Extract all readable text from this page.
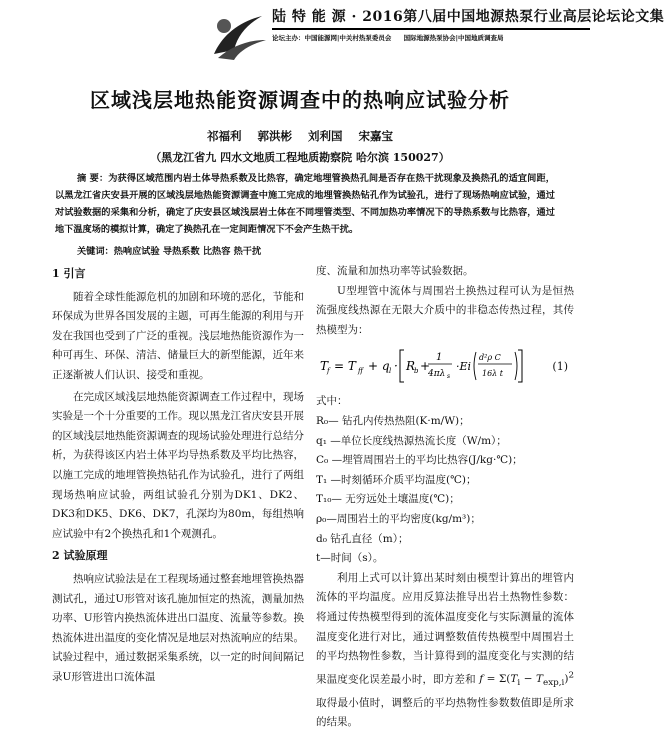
陆 特 能 源 · 2016第八届中国地源热泵行业高层论坛论文集
论坛主办：中国能源网|中关村热泵委员会 国际地源热泵协会|中国地质调查局
区域浅层地热能资源调查中的热响应试验分析
祁福利 郭洪彬 刘利国 宋嘉宝
（黑龙江省九 四水文地质工程地质勘察院 哈尔滨 150027）
摘 要：为获得区域范围内岩土体导热系数及比热容，确定地埋管换热孔间是否存在热干扰现象及换热孔的适宜间距，以黑龙江省庆安县开展的区域浅层地热能资源调查中施工完成的地埋管换热钻孔作为试验孔，进行了现场热响应试验，通过对试验数据的采集和分析，确定了庆安县区域浅层岩土体在不同埋管类型、不同加热功率情况下的导热系数与比热容，通过地下温度场的模拟计算，确定了换热孔在一定间距情况下不会产生热干扰。
关键词：热响应试验 导热系数 比热容 热干扰
1 引言
随着全球性能源危机的加剧和环境的恶化，节能和环保成为世界各国发展的主题，可再生能源的利用与开发在我国也受到了广泛的重视。浅层地热能资源作为一种可再生、环保、清洁、储量巨大的新型能源，近年来正逐渐被人们认识、接受和重视。
在完成区域浅层地热能资源调查工作过程中，现场实验是一个十分重要的工作。现以黑龙江省庆安县开展的区域浅层地热能资源调查的现场试验处理进行总结分析，为获得该区内岩土体平均导热系数及平均比热容，以施工完成的地埋管换热钻孔作为试验孔，进行了两组现场热响应试验，两组试验孔分别为DK1、DK2、DK3和DK5、DK6、DK7，孔深均为80m，每组热响应试验中有2个换热孔和1个观测孔。
2 试验原理
热响应试验法是在工程现场通过整套地埋管换热器测试孔，通过U形管对该孔施加恒定的热流，测量加热功率、U形管内换热流体进出口温度、流量等参数。换热流体进出温度的变化情况是地层对热流响应的结果。试验过程中，通过数据采集系统，以一定的时间间隔记录U形管进出口流体温
度、流量和加热功率等试验数据。
U型埋管中流体与周围岩土换热过程可认为是恒热流强度线热源在无限大介质中的非稳态传热过程，其传热模型为：
T
f = T ff + q l · R
b +
1
4πλ s
·Ei
d²ρ C
16λ t
(1)
式中：
R₀— 钻孔内传热热阻(K·m/W)；
q₁ —单位长度线热源热流长度（W/m）；
C₀ —埋管周围岩土的平均比热容(J/kg·℃)；
T₁ —时刻循环介质平均温度(℃)；
T₁₀— 无穷远处土壤温度(℃)；
ρ₀—周围岩土的平均密度(kg/m³)；
d₀ 钻孔直径（m）；
t—时间（s）。
利用上式可以计算出某时刻由模型计算出的埋管内流体的平均温度。应用反算法推导出岩土热物性参数：将通过传热模型得到的流体温度变化与实际测量的流体温度变化进行对比，通过调整数值传热模型中周围岩土的平均热物性参数，当计算得到的温度变化与实测的结果温度变化误差最小时，即方差和 $f = \Sigma(T_i - T_{exp,i})^2$ 取得最小值时，调整后的平均热物性参数数值即是所求的结果。
